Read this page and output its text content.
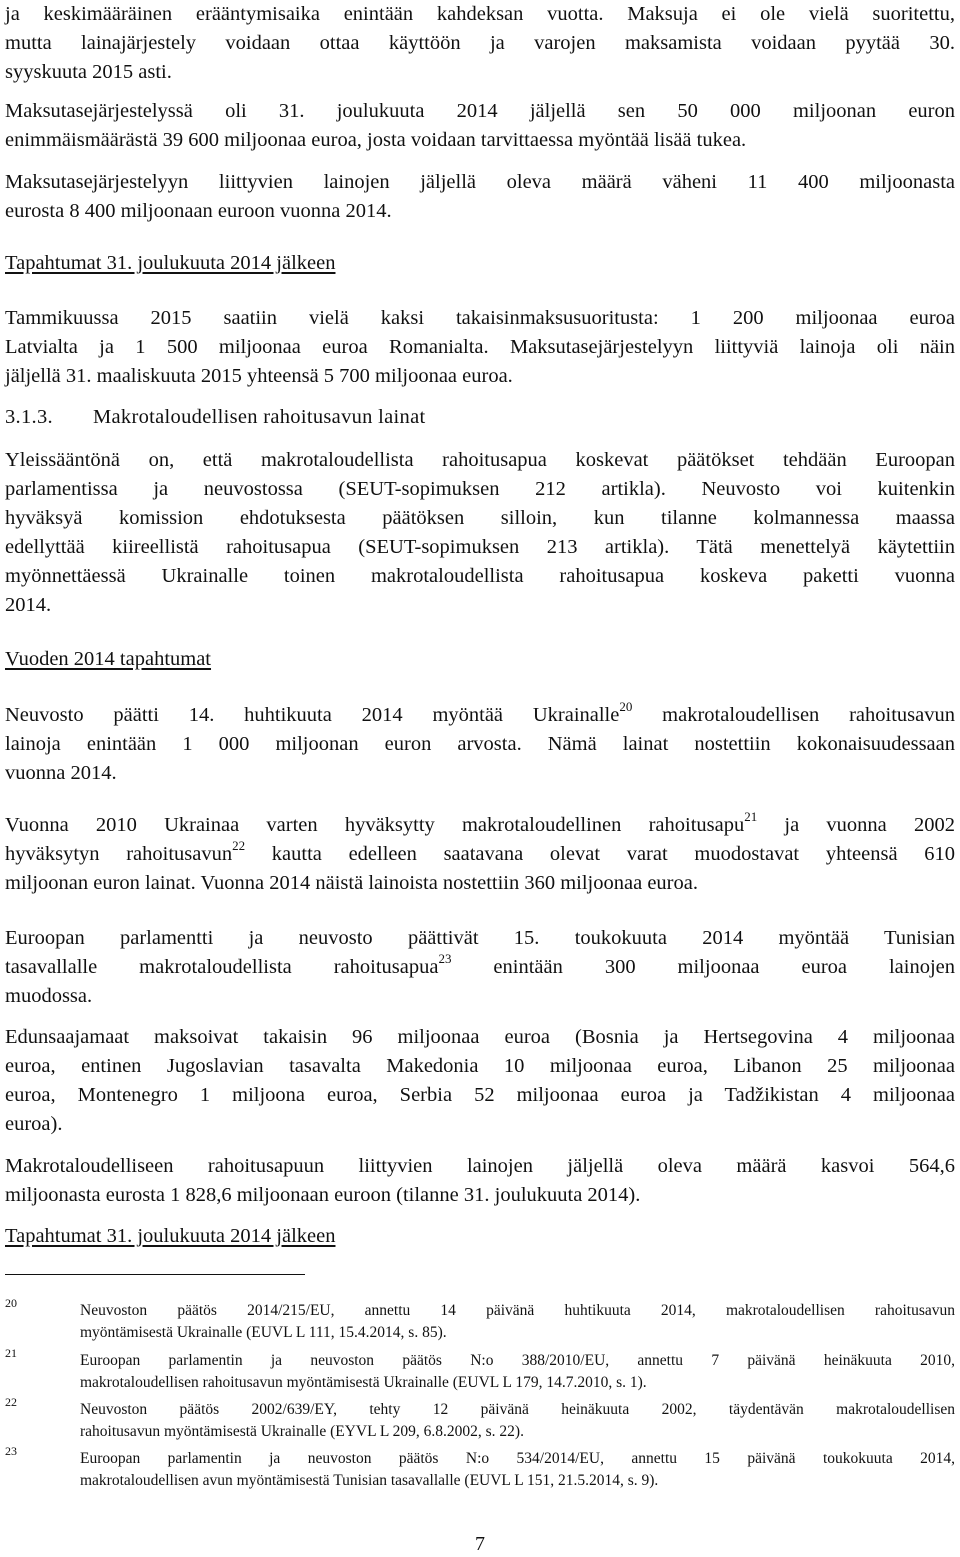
ja keskimääräinen erääntymisaika enintään kahdeksan vuotta. Maksuja ei ole vielä suoritettu,
mutta lainajärjestely voidaan ottaa käyttöön ja varojen maksamista voidaan pyytää 30.
syyskuuta 2015 asti.
Maksutasejärjestelyssä oli 31. joulukuuta 2014 jäljellä sen 50 000 miljoonan euron
enimmäismäärästä 39 600 miljoonaa euroa, josta voidaan tarvittaessa myöntää lisää tukea.
Maksutasejärjestelyyn liittyvien lainojen jäljellä oleva määrä väheni 11 400 miljoonasta
eurosta 8 400 miljoonaan euroon vuonna 2014.
Tapahtumat 31. joulukuuta 2014 jälkeen
Tammikuussa 2015 saatiin vielä kaksi takaisinmaksusuoritusta: 1 200 miljoonaa euroa
Latvialta ja 1 500 miljoonaa euroa Romanialta. Maksutasejärjestelyyn liittyviä lainoja oli näin
jäljellä 31. maaliskuuta 2015 yhteensä 5 700 miljoonaa euroa.
3.1.3. Makrotaloudellisen rahoitusavun lainat
Yleissääntönä on, että makrotaloudellista rahoitusapua koskevat päätökset tehdään Euroopan
parlamentissa ja neuvostossa (SEUT-sopimuksen 212 artikla). Neuvosto voi kuitenkin
hyväksyä komission ehdotuksesta päätöksen silloin, kun tilanne kolmannessa maassa
edellyttää kiireellistä rahoitusapua (SEUT-sopimuksen 213 artikla). Tätä menettelyä käytettiin
myönnettäessä Ukrainalle toinen makrotaloudellista rahoitusapua koskeva paketti vuonna
2014.
Vuoden 2014 tapahtumat
Neuvosto päätti 14. huhtikuuta 2014 myöntää Ukrainalle$^{20}$ makrotaloudellisen rahoitusavun
lainoja enintään 1 000 miljoonan euron arvosta. Nämä lainat nostettiin kokonaisuudessaan
vuonna 2014.
Vuonna 2010 Ukrainaa varten hyväksytty makrotaloudellinen rahoitusapu$^{21}$ ja vuonna 2002
hyväksytyn rahoitusavun$^{22}$ kautta edelleen saatavana olevat varat muodostavat yhteensä 610
miljoonan euron lainat. Vuonna 2014 näistä lainoista nostettiin 360 miljoonaa euroa.
Euroopan parlamentti ja neuvosto päättivät 15. toukokuuta 2014 myöntää Tunisian
tasavallalle makrotaloudellista rahoitusapua$^{23}$ enintään 300 miljoonaa euroa lainojen
muodossa.
Edunsaajamaat maksoivat takaisin 96 miljoonaa euroa (Bosnia ja Hertsegovina 4 miljoonaa
euroa, entinen Jugoslavian tasavalta Makedonia 10 miljoonaa euroa, Libanon 25 miljoonaa
euroa, Montenegro 1 miljoona euroa, Serbia 52 miljoonaa euroa ja Tadžikistan 4 miljoonaa
euroa).
Makrotaloudelliseen rahoitusapuun liittyvien lainojen jäljellä oleva määrä kasvoi 564,6
miljoonasta eurosta 1 828,6 miljoonaan euroon (tilanne 31. joulukuuta 2014).
Tapahtumat 31. joulukuuta 2014 jälkeen
20	Neuvoston päätös 2014/215/EU, annettu 14 päivänä huhtikuuta 2014, makrotaloudellisen rahoitusavun
myöntämisestä Ukrainalle (EUVL L 111, 15.4.2014, s. 85).
21	Euroopan parlamentin ja neuvoston päätös N:o 388/2010/EU, annettu 7 päivänä heinäkuuta 2010,
makrotaloudellisen rahoitusavun myöntämisestä Ukrainalle (EUVL L 179, 14.7.2010, s. 1).
22	Neuvoston päätös 2002/639/EY, tehty 12 päivänä heinäkuuta 2002, täydentävän makrotaloudellisen
rahoitusavun myöntämisestä Ukrainalle (EYVL L 209, 6.8.2002, s. 22).
23	Euroopan parlamentin ja neuvoston päätös N:o 534/2014/EU, annettu 15 päivänä toukokuuta 2014,
makrotaloudellisen avun myöntämisestä Tunisian tasavallalle (EUVL L 151, 21.5.2014, s. 9).
7
